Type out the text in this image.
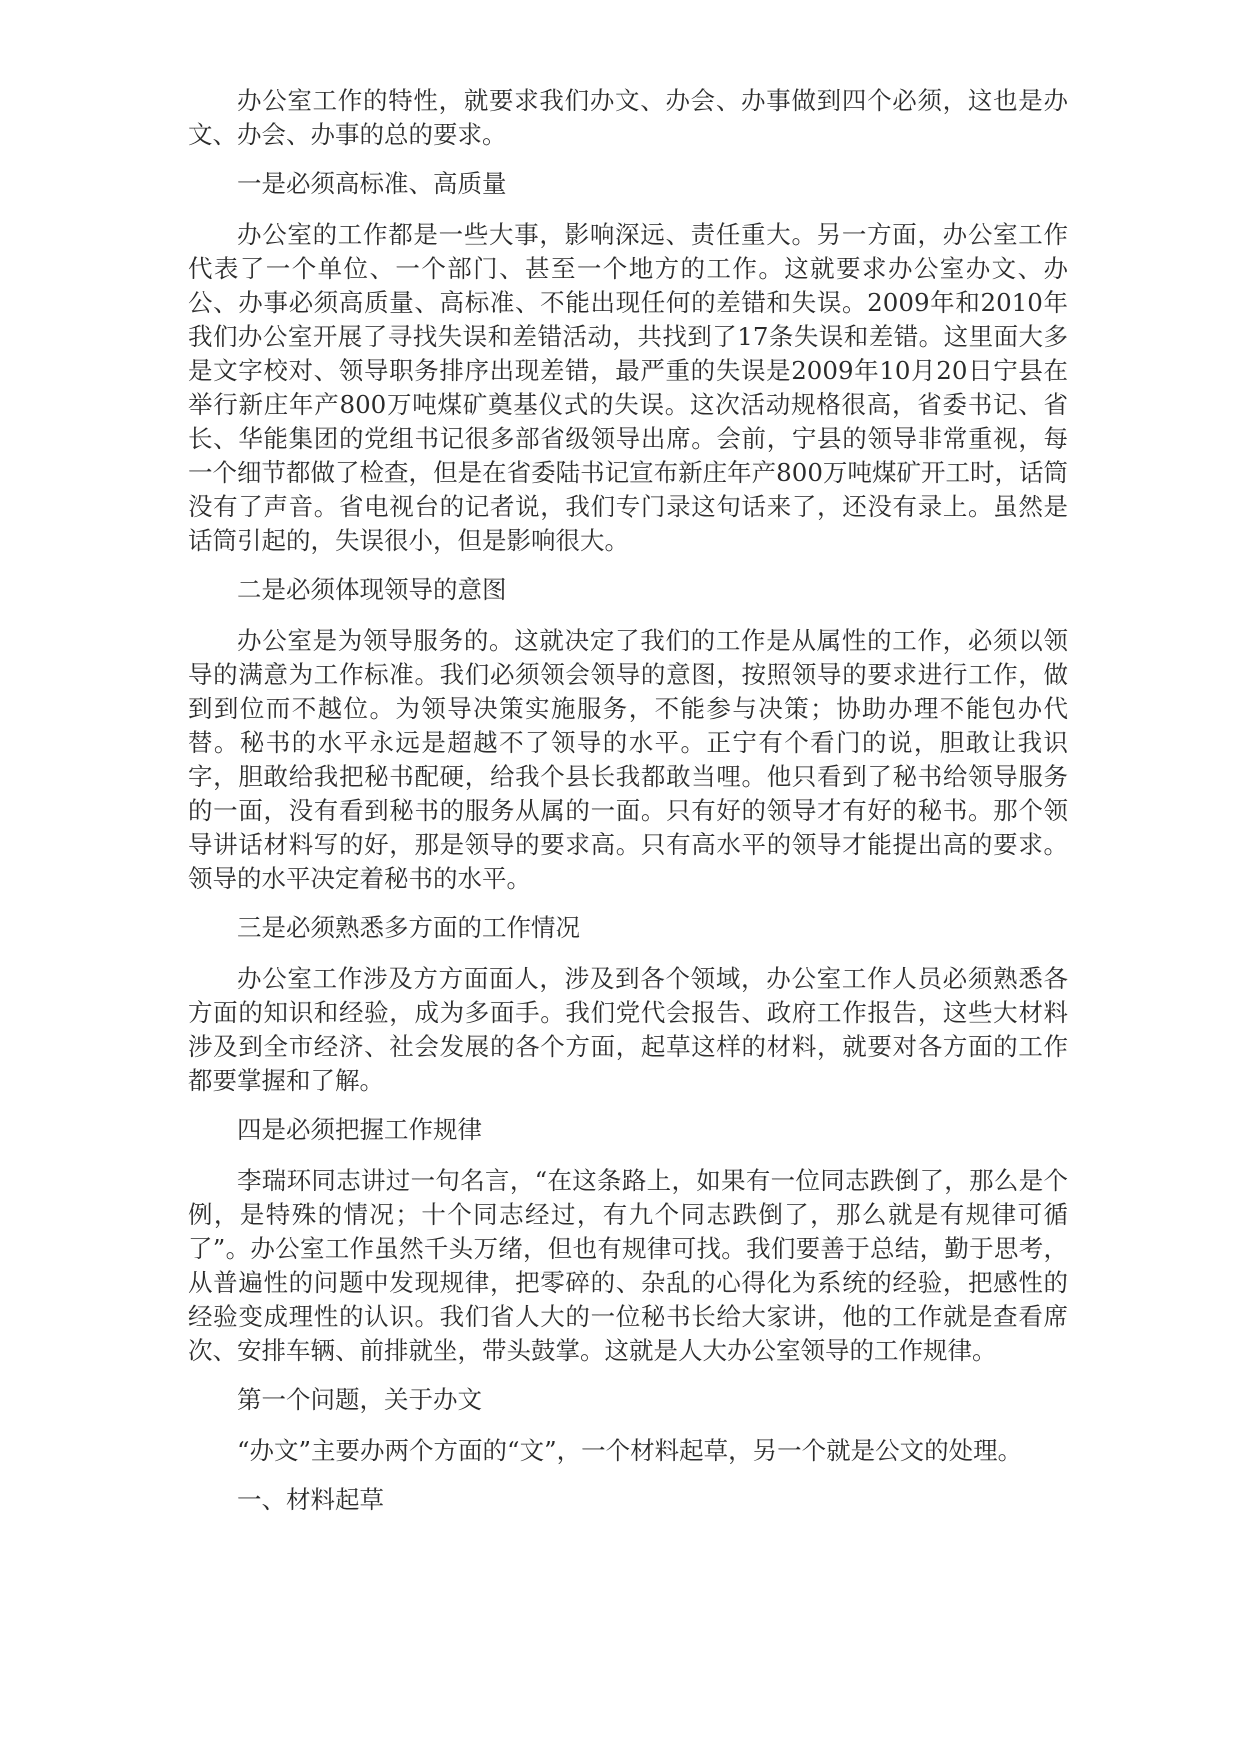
办公室工作的特性，就要求我们办文、办会、办事做到四个必须，这也是办文、办会、办事的总的要求。

一是必须高标准、高质量

办公室的工作都是一些大事，影响深远、责任重大。另一方面，办公室工作代表了一个单位、一个部门、甚至一个地方的工作。这就要求办公室办文、办公、办事必须高质量、高标准、不能出现任何的差错和失误。2009年和2010年我们办公室开展了寻找失误和差错活动，共找到了17条失误和差错。这里面大多是文字校对、领导职务排序出现差错，最严重的失误是2009年10月20日宁县在举行新庄年产800万吨煤矿奠基仪式的失误。这次活动规格很高，省委书记、省长、华能集团的党组书记很多部省级领导出席。会前，宁县的领导非常重视，每一个细节都做了检查，但是在省委陆书记宣布新庄年产800万吨煤矿开工时，话筒没有了声音。省电视台的记者说，我们专门录这句话来了，还没有录上。虽然是话筒引起的，失误很小，但是影响很大。

二是必须体现领导的意图

办公室是为领导服务的。这就决定了我们的工作是从属性的工作，必须以领导的满意为工作标准。我们必须领会领导的意图，按照领导的要求进行工作，做到到位而不越位。为领导决策实施服务，不能参与决策；协助办理不能包办代替。秘书的水平永远是超越不了领导的水平。正宁有个看门的说，胆敢让我识字，胆敢给我把秘书配硬，给我个县长我都敢当哩。他只看到了秘书给领导服务的一面，没有看到秘书的服务从属的一面。只有好的领导才有好的秘书。那个领导讲话材料写的好，那是领导的要求高。只有高水平的领导才能提出高的要求。领导的水平决定着秘书的水平。

三是必须熟悉多方面的工作情况

办公室工作涉及方方面面人，涉及到各个领域，办公室工作人员必须熟悉各方面的知识和经验，成为多面手。我们党代会报告、政府工作报告，这些大材料涉及到全市经济、社会发展的各个方面，起草这样的材料，就要对各方面的工作都要掌握和了解。

四是必须把握工作规律

李瑞环同志讲过一句名言，“在这条路上，如果有一位同志跌倒了，那么是个例，是特殊的情况；十个同志经过，有九个同志跌倒了，那么就是有规律可循了”。办公室工作虽然千头万绪，但也有规律可找。我们要善于总结，勤于思考，从普遍性的问题中发现规律，把零碎的、杂乱的心得化为系统的经验，把感性的经验变成理性的认识。我们省人大的一位秘书长给大家讲，他的工作就是查看席次、安排车辆、前排就坐，带头鼓掌。这就是人大办公室领导的工作规律。

第一个问题，关于办文

“办文”主要办两个方面的“文”，一个材料起草，另一个就是公文的处理。

一、材料起草
